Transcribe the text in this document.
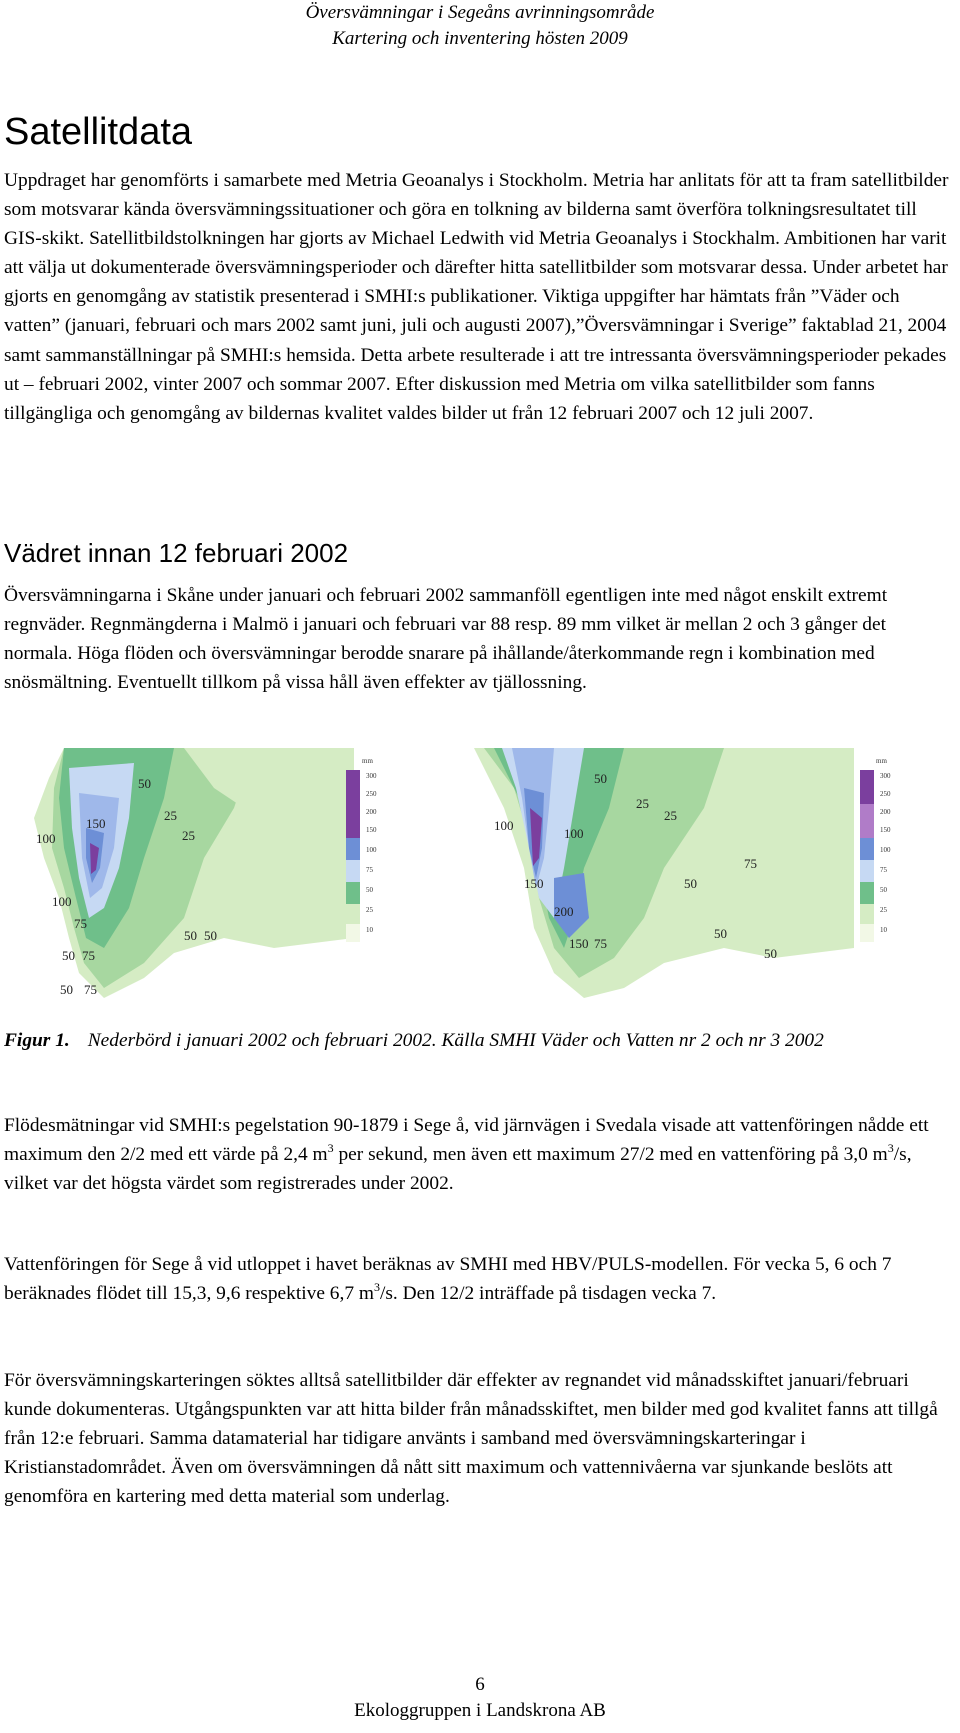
Översvämningar i Segeåns avrinningsområde
Kartering och inventering hösten 2009
Satellitdata

Uppdraget har genomförts i samarbete med Metria Geoanalys i Stockholm. Metria har anlitats för att ta fram satellitbilder som motsvarar kända översvämningssituationer och göra en tolkning av bilderna samt överföra tolkningsresultatet till GIS-skikt. Satellitbildstolkningen har gjorts av Michael Ledwith vid Metria Geoanalys i Stockhalm. Ambitionen har varit att välja ut dokumenterade översvämningsperioder och därefter hitta satellitbilder som motsvarar dessa. Under arbetet har gjorts en genomgång av statistik presenterad i SMHI:s publikationer. Viktiga uppgifter har hämtats från ”Väder och vatten” (januari, februari och mars 2002 samt juni, juli och augusti 2007),”Översvämningar i Sverige” faktablad 21, 2004 samt sammanställningar på SMHI:s hemsida. Detta arbete resulterade i att tre intressanta översvämningsperioder pekades ut – februari 2002, vinter 2007 och sommar 2007. Efter diskussion med Metria om vilka satellitbilder som fanns tillgängliga och genomgång av bildernas kvalitet valdes bilder ut från 12 februari 2007 och 12 juli 2007.

Vädret innan 12 februari 2002

Översvämningarna i Skåne under januari och februari 2002 sammanföll egentligen inte med något enskilt extremt regnväder. Regnmängderna i Malmö i januari och februari var 88 resp. 89 mm vilket är mellan 2 och 3 gånger det normala. Höga flöden och översvämningar berodde snarare på ihållande/återkommande regn i kombination med snösmältning. Eventuellt tillkom på vissa håll även effekter av tjällossning.

50
25
25
150
100
100
75
75
50
50 50
50 75
mm
300
250
200
150
100
75
50
25
10
50
25
25
100
100
150
200
150 75
50
75
50
50
mm
300
250
200
150
100
75
50
25
10

Figur 1. Nederbörd i januari 2002 och februari 2002. Källa SMHI Väder och Vatten nr 2 och nr 3 2002

Flödesmätningar vid SMHI:s pegelstation 90-1879 i Sege å, vid järnvägen i Svedala visade att vattenföringen nådde ett maximum den 2/2 med ett värde på 2,4 $m^3$ per sekund, men även ett maximum 27/2 med en vattenföring på 3,0 $m^3/s$, vilket var det högsta värdet som registrerades under 2002.

Vattenföringen för Sege å vid utloppet i havet beräknas av SMHI med HBV/PULS-modellen. För vecka 5, 6 och 7 beräknades flödet till 15,3, 9,6 respektive 6,7 $m^3/s$. Den 12/2 inträffade på tisdagen vecka 7.

För översvämningskarteringen söktes alltså satellitbilder där effekter av regnandet vid månadsskiftet januari/februari kunde dokumenteras. Utgångspunkten var att hitta bilder från månadsskiftet, men bilder med god kvalitet fanns att tillgå från 12:e februari. Samma datamaterial har tidigare använts i samband med översvämningskarteringar i Kristianstadområdet. Även om översvämningen då nått sitt maximum och vattennivåerna var sjunkande beslöts att genomföra en kartering med detta material som underlag.

6
Ekologgruppen i Landskrona AB
